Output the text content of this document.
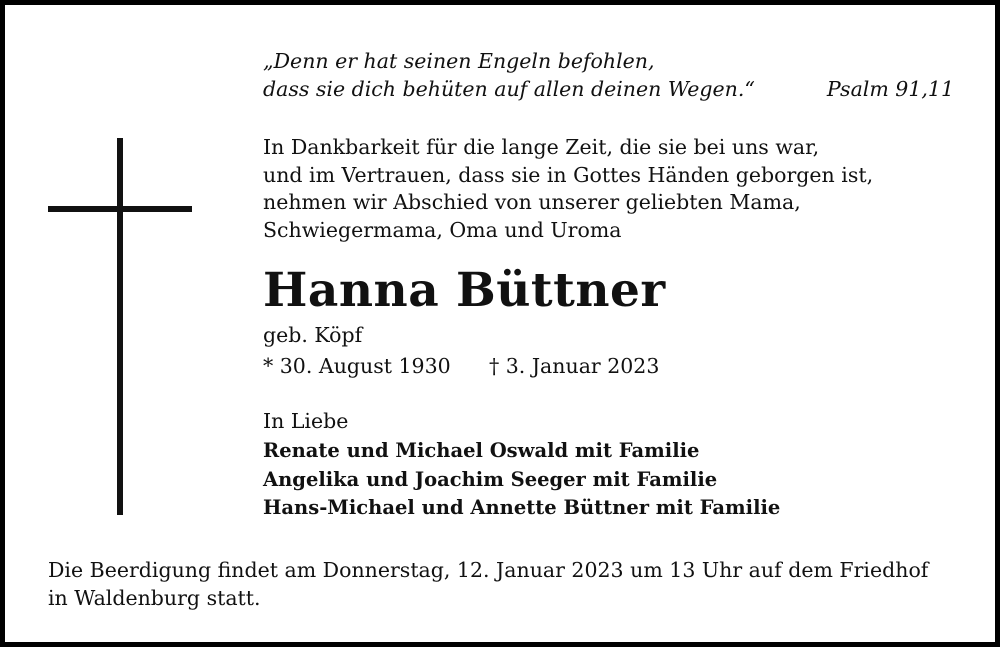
„Denn er hat seinen Engeln befohlen,
dass sie dich behüten auf allen deinen Wegen.“	Psalm 91,11
In Dankbarkeit für die lange Zeit, die sie bei uns war,
und im Vertrauen, dass sie in Gottes Händen geborgen ist,
nehmen wir Abschied von unserer geliebten Mama,
Schwiegermama, Oma und Uroma
Hanna Büttner
geb. Köpf
* 30. August 1930 † 3. Januar 2023
In Liebe
Renate und Michael Oswald mit Familie
Angelika und Joachim Seeger mit Familie
Hans-Michael und Annette Büttner mit Familie
Die Beerdigung findet am Donnerstag, 12. Januar 2023 um 13 Uhr auf dem Friedhof
in Waldenburg statt.
